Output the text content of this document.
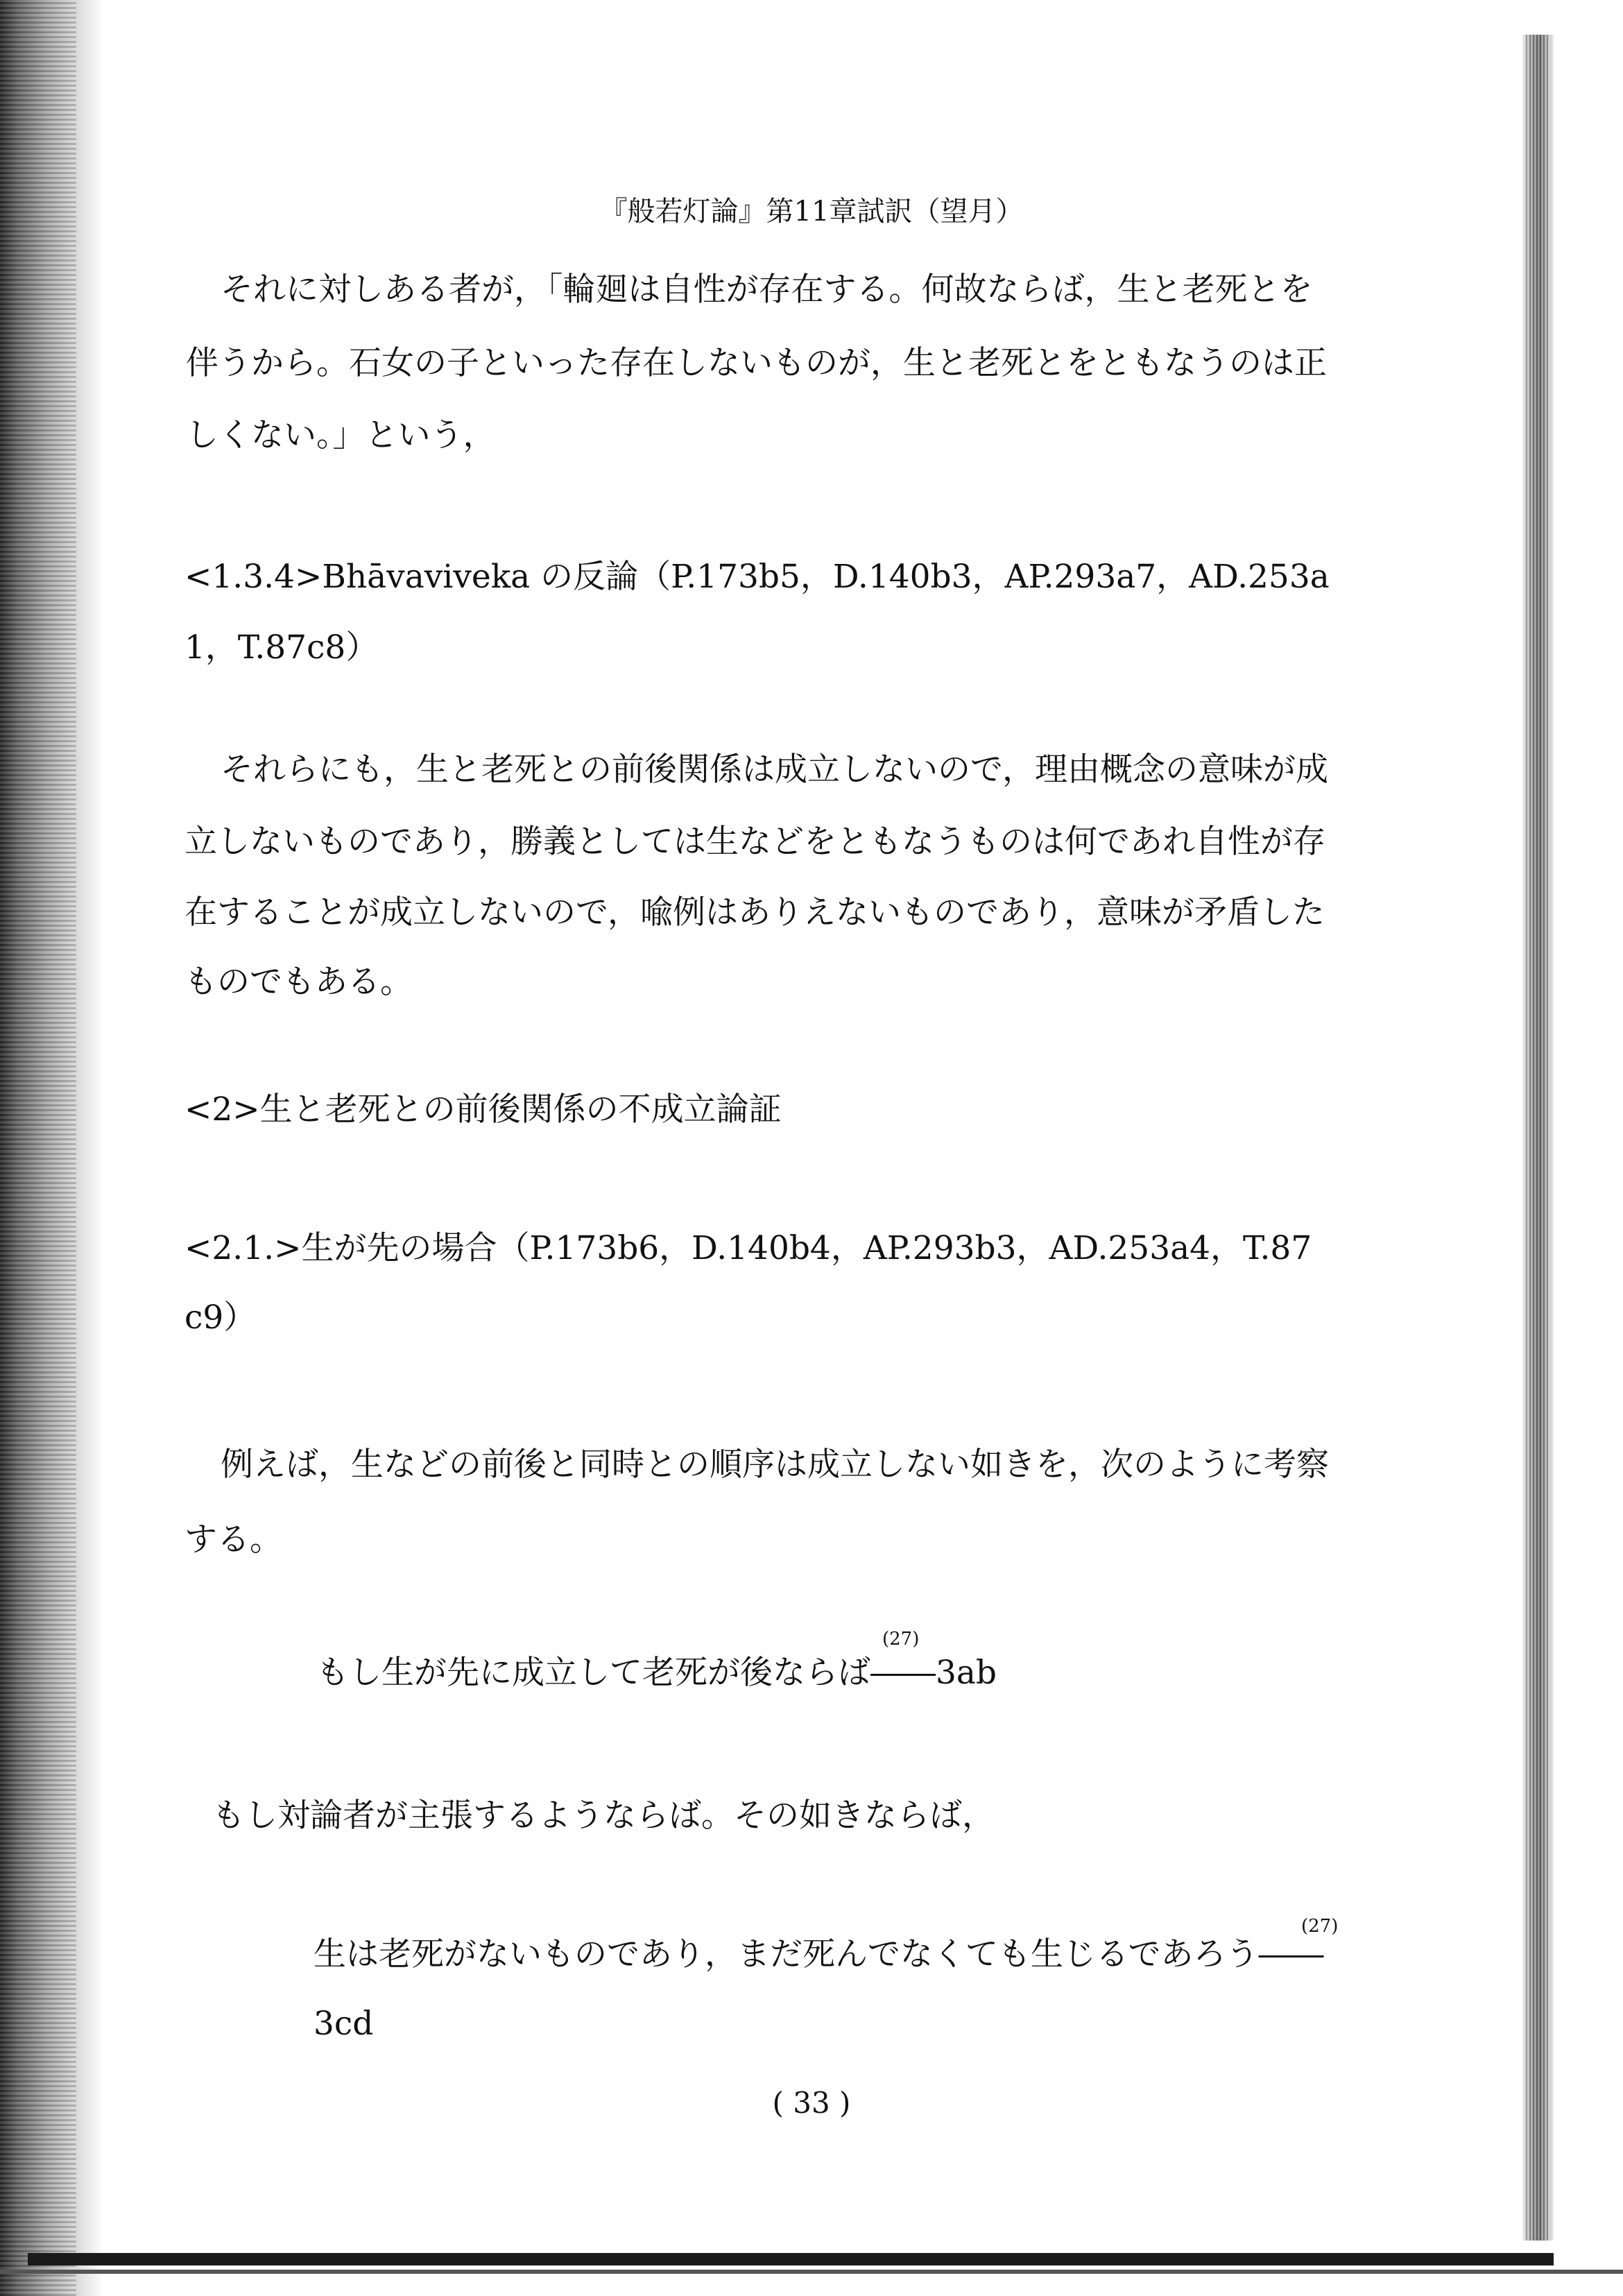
『般若灯論』第11章試訳（望月）
それに対しある者が，「輪廻は自性が存在する。何故ならば，生と老死とを
伴うから。石女の子といった存在しないものが，生と老死とをともなうのは正
しくない。」という，
<1.3.4>Bhāvaviveka の反論（P.173b5，D.140b3，AP.293a7，AD.253a
1，T.87c8）
それらにも，生と老死との前後関係は成立しないので，理由概念の意味が成
立しないものであり，勝義としては生などをともなうものは何であれ自性が存
在することが成立しないので，喩例はありえないものであり，意味が矛盾した
ものでもある。
<2>生と老死との前後関係の不成立論証
<2.1.>生が先の場合（P.173b6，D.140b4，AP.293b3，AD.253a4，T.87
c9）
例えば，生などの前後と同時との順序は成立しない如きを，次のように考察
する。
(27)
もし生が先に成立して老死が後ならば――3ab
もし対論者が主張するようならば。その如きならば，
(27)
生は老死がないものであり，まだ死んでなくても生じるであろう――
3cd
( 33 )
